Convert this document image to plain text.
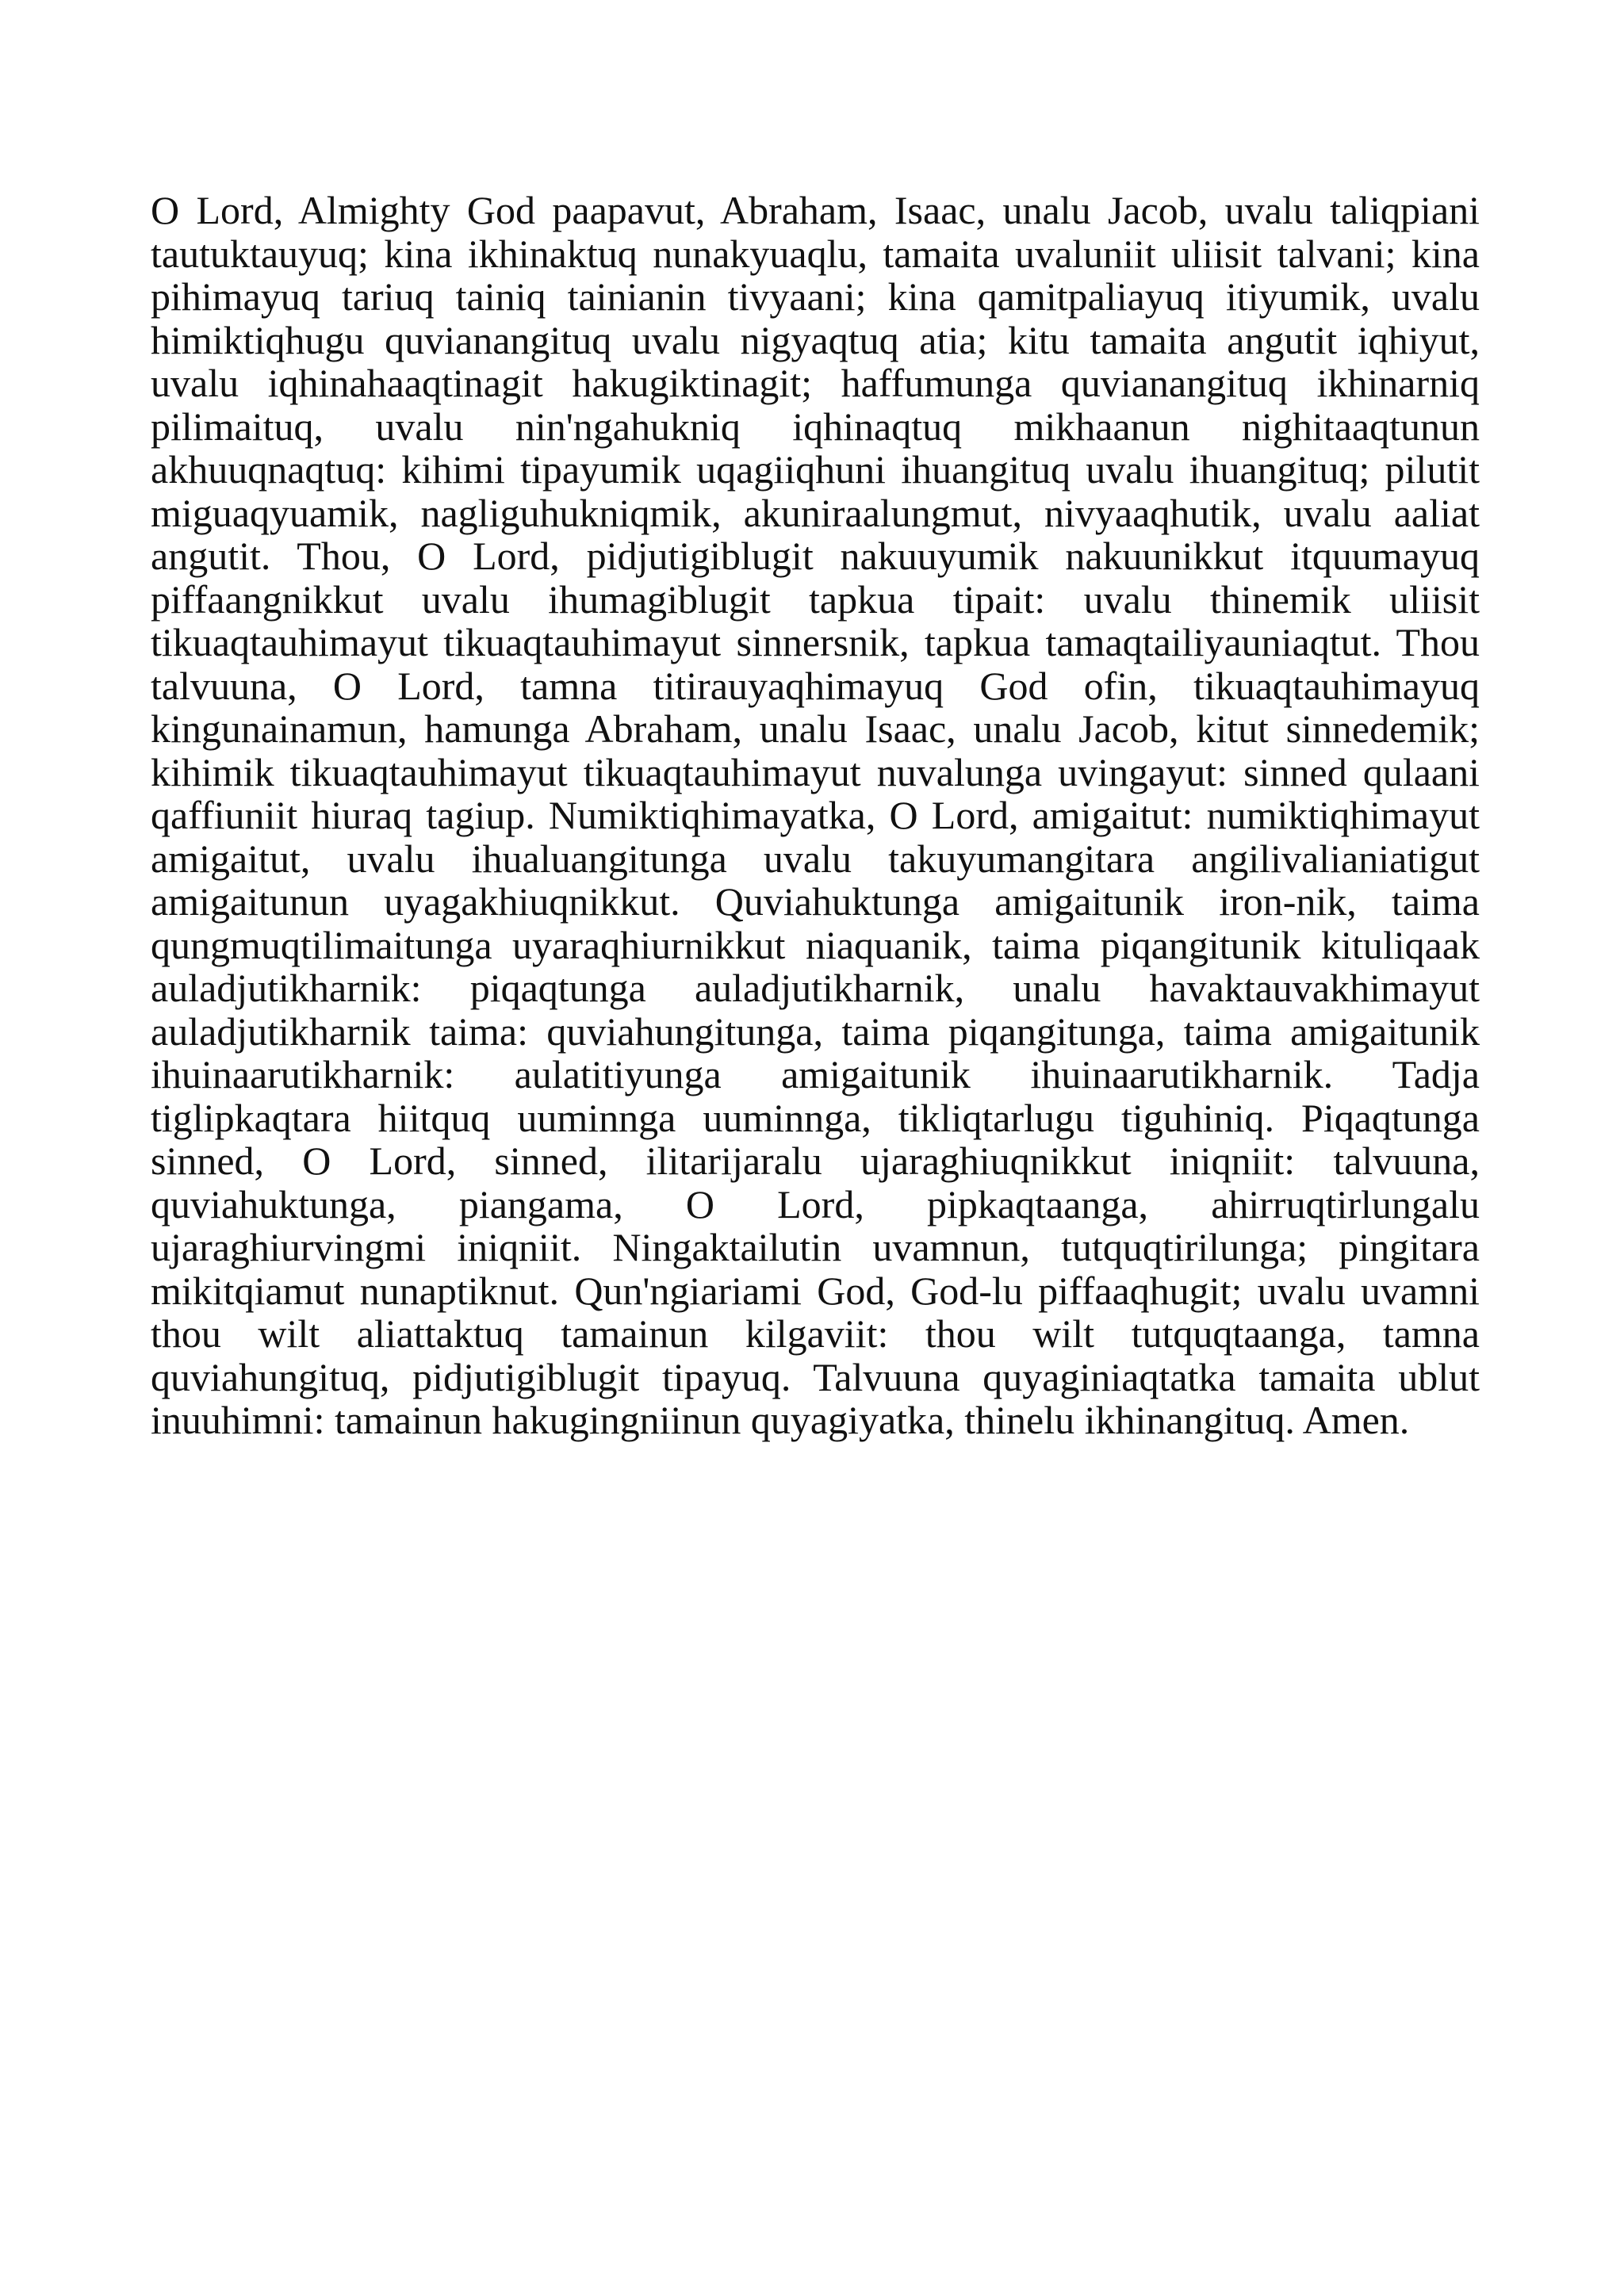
O Lord, Almighty God paapavut, Abraham, Isaac, unalu Jacob, uvalu taliqpiani tautuktauyuq; kina ikhinaktuq nunakyuaqlu, tamaita uvaluniit uliisit talvani; kina pihimayuq tariuq tainiq tainianin tivyaani; kina qamitpaliayuq itiyumik, uvalu himiktiqhugu quvianangituq uvalu nigyaqtuq atia; kitu tamaita angutit iqhiyut, uvalu iqhinahaaqtinagit hakugiktinagit; haffumunga quvianangituq ikhinarniq pilimaituq, uvalu nin'ngahukniq iqhinaqtuq mikhaanun nighitaaqtunun akhuuqnaqtuq: kihimi tipayumik uqagiiqhuni ihuangituq uvalu ihuangituq; pilutit miguaqyuamik, nagliguhukniqmik, akuniraalungmut, nivyaaqhutik, uvalu aaliat angutit. Thou, O Lord, pidjutigiblugit nakuuyumik nakuunikkut itquumayuq piffaangnikkut uvalu ihumagiblugit tapkua tipait: uvalu thinemik uliisit tikuaqtauhimayut tikuaqtauhimayut sinnersnik, tapkua tamaqtailiyauniaqtut. Thou talvuuna, O Lord, tamna titirauyaqhimayuq God ofin, tikuaqtauhimayuq kingunainamun, hamunga Abraham, unalu Isaac, unalu Jacob, kitut sinnedemik; kihimik tikuaqtauhimayut tikuaqtauhimayut nuvalunga uvingayut: sinned qulaani qaffiuniit hiuraq tagiup. Numiktiqhimayatka, O Lord, amigaitut: numiktiqhimayut amigaitut, uvalu ihualuangitunga uvalu takuyumangitara angilivalianiatigut amigaitunun uyagakhiuqnikkut. Quviahuktunga amigaitunik iron-nik, taima qungmuqtilimaitunga uyaraqhiurnikkut niaquanik, taima piqangitunik kituliqaak auladjutikharnik: piqaqtunga auladjutikharnik, unalu havaktauvakhimayut auladjutikharnik taima: quviahungitunga, taima piqangitunga, taima amigaitunik ihuinaarutikharnik: aulatitiyunga amigaitunik ihuinaarutikharnik. Tadja tiglipkaqtara hiitquq uuminnga uuminnga, tikliqtarlugu tiguhiniq. Piqaqtunga sinned, O Lord, sinned, ilitarijaralu ujaraghiuqnikkut iniqniit: talvuuna, quviahuktunga, piangama, O Lord, pipkaqtaanga, ahirruqtirlungalu ujaraghiurvingmi iniqniit. Ningaktailutin uvamnun, tutquqtirilunga; pingitara mikitqiamut nunaptiknut. Qun'ngiariami God, God-lu piffaaqhugit; uvalu uvamni thou wilt aliattaktuq tamainun kilgaviit: thou wilt tutquqtaanga, tamna quviahungituq, pidjutigiblugit tipayuq. Talvuuna quyaginiaqtatka tamaita ublut inuuhimni: tamainun hakugingniinun quyagiyatka, thinelu ikhinangituq. Amen.
